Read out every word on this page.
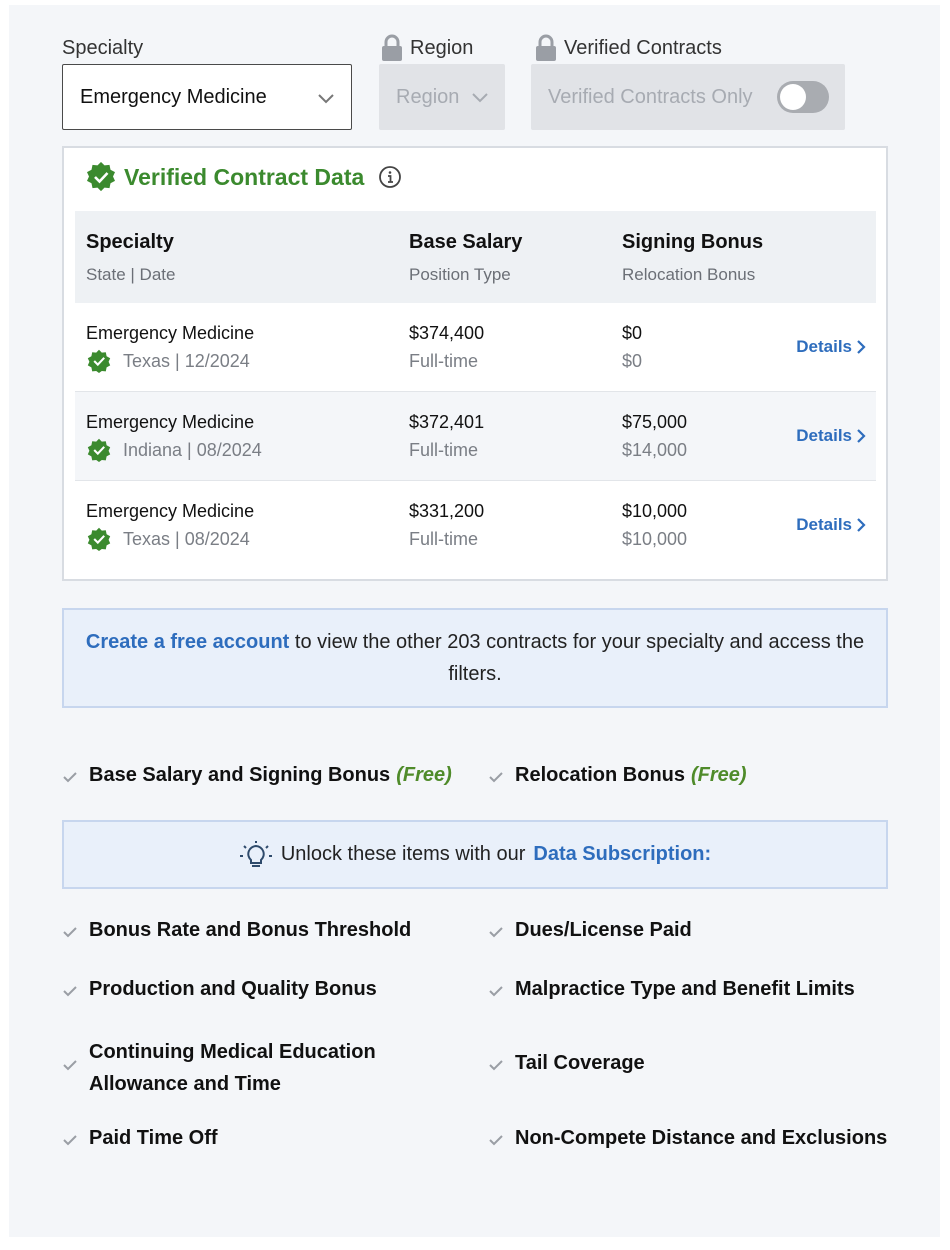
Specialty
Emergency Medicine
Region
Region
Verified Contracts
Verified Contracts Only
Verified Contract Data
Specialty
State | Date
Base Salary
Position Type
Signing Bonus
Relocation Bonus
Emergency Medicine
Texas | 12/2024
$374,400
Full-time
$0
$0
Details
Emergency Medicine
Indiana | 08/2024
$372,401
Full-time
$75,000
$14,000
Details
Emergency Medicine
Texas | 08/2024
$331,200
Full-time
$10,000
$10,000
Details
Create a free account to view the other 203 contracts for your specialty and access the filters.
Base Salary and Signing Bonus (Free)	Relocation Bonus (Free)
Unlock these items with our Data Subscription:
Bonus Rate and Bonus Threshold
Production and Quality Bonus
Continuing Medical Education Allowance and Time
Paid Time Off
Dues/License Paid
Malpractice Type and Benefit Limits
Tail Coverage
Non-Compete Distance and Exclusions
